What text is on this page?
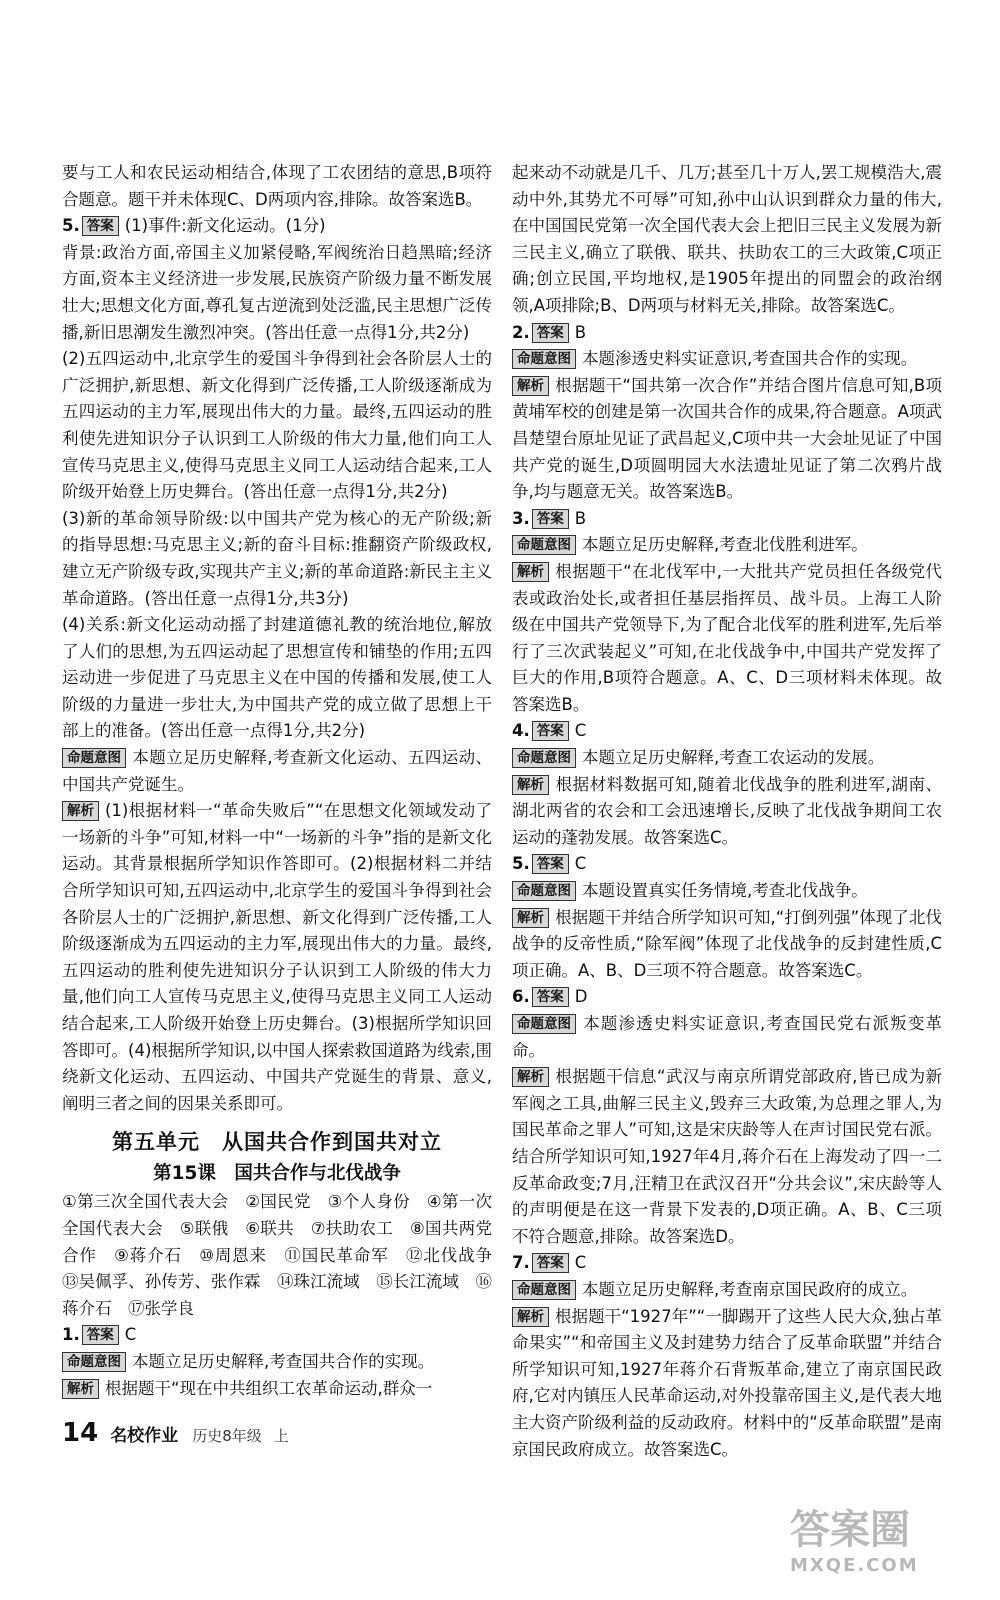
要与工人和农民运动相结合,体现了工农团结的意思,B项符合题意。题干并未体现C、D两项内容,排除。故答案选B。

5. 答案 (1)事件:新文化运动。(1分)

背景:政治方面,帝国主义加紧侵略,军阀统治日趋黑暗;经济方面,资本主义经济进一步发展,民族资产阶级力量不断发展壮大;思想文化方面,尊孔复古逆流到处泛滥,民主思想广泛传播,新旧思潮发生激烈冲突。(答出任意一点得1分,共2分)

(2)五四运动中,北京学生的爱国斗争得到社会各阶层人士的广泛拥护,新思想、新文化得到广泛传播,工人阶级逐渐成为五四运动的主力军,展现出伟大的力量。最终,五四运动的胜利使先进知识分子认识到工人阶级的伟大力量,他们向工人宣传马克思主义,使得马克思主义同工人运动结合起来,工人阶级开始登上历史舞台。(答出任意一点得1分,共2分)

(3)新的革命领导阶级:以中国共产党为核心的无产阶级;新的指导思想:马克思主义;新的奋斗目标:推翻资产阶级政权,建立无产阶级专政,实现共产主义;新的革命道路:新民主主义革命道路。(答出任意一点得1分,共3分)

(4)关系:新文化运动动摇了封建道德礼教的统治地位,解放了人们的思想,为五四运动起了思想宣传和铺垫的作用;五四运动进一步促进了马克思主义在中国的传播和发展,使工人阶级的力量进一步壮大,为中国共产党的成立做了思想上干部上的准备。(答出任意一点得1分,共2分)

命题意图 本题立足历史解释,考查新文化运动、五四运动、中国共产党诞生。

解析 (1)根据材料一“革命失败后”“在思想文化领域发动了一场新的斗争”可知,材料一中“一场新的斗争”指的是新文化运动。其背景根据所学知识作答即可。(2)根据材料二并结合所学知识可知,五四运动中,北京学生的爱国斗争得到社会各阶层人士的广泛拥护,新思想、新文化得到广泛传播,工人阶级逐渐成为五四运动的主力军,展现出伟大的力量。最终,五四运动的胜利使先进知识分子认识到工人阶级的伟大力量,他们向工人宣传马克思主义,使得马克思主义同工人运动结合起来,工人阶级开始登上历史舞台。(3)根据所学知识回答即可。(4)根据所学知识,以中国人探索救国道路为线索,围绕新文化运动、五四运动、中国共产党诞生的背景、意义,阐明三者之间的因果关系即可。

第五单元　从国共合作到国共对立
第15课　国共合作与北伐战争

①第三次全国代表大会　②国民党　③个人身份　④第一次全国代表大会　⑤联俄　⑥联共　⑦扶助农工　⑧国共两党合作　⑨蒋介石　⑩周恩来　⑪国民革命军　⑫北伐战争　⑬吴佩孚、孙传芳、张作霖　⑭珠江流域　⑮长江流域　⑯蒋介石　⑰张学良

1. 答案 C

命题意图 本题立足历史解释,考查国共合作的实现。

解析 根据题干“现在中共组织工农革命运动,群众一

起来动不动就是几千、几万;甚至几十万人,罢工规模浩大,震动中外,其势尤不可辱”可知,孙中山认识到群众力量的伟大,在中国国民党第一次全国代表大会上把旧三民主义发展为新三民主义,确立了联俄、联共、扶助农工的三大政策,C项正确;创立民国,平均地权,是1905年提出的同盟会的政治纲领,A项排除;B、D两项与材料无关,排除。故答案选C。

2. 答案 B

命题意图 本题渗透史料实证意识,考查国共合作的实现。

解析 根据题干“国共第一次合作”并结合图片信息可知,B项黄埔军校的创建是第一次国共合作的成果,符合题意。A项武昌楚望台原址见证了武昌起义,C项中共一大会址见证了中国共产党的诞生,D项圆明园大水法遗址见证了第二次鸦片战争,均与题意无关。故答案选B。

3. 答案 B

命题意图 本题立足历史解释,考查北伐胜利进军。

解析 根据题干“在北伐军中,一大批共产党员担任各级党代表或政治处长,或者担任基层指挥员、战斗员。上海工人阶级在中国共产党领导下,为了配合北伐军的胜利进军,先后举行了三次武装起义”可知,在北伐战争中,中国共产党发挥了巨大的作用,B项符合题意。A、C、D三项材料未体现。故答案选B。

4. 答案 C

命题意图 本题立足历史解释,考查工农运动的发展。

解析 根据材料数据可知,随着北伐战争的胜利进军,湖南、湖北两省的农会和工会迅速增长,反映了北伐战争期间工农运动的蓬勃发展。故答案选C。

5. 答案 C

命题意图 本题设置真实任务情境,考查北伐战争。

解析 根据题干并结合所学知识可知,“打倒列强”体现了北伐战争的反帝性质,“除军阀”体现了北伐战争的反封建性质,C项正确。A、B、D三项不符合题意。故答案选C。

6. 答案 D

命题意图 本题渗透史料实证意识,考查国民党右派叛变革命。

解析 根据题干信息“武汉与南京所谓党部政府,皆已成为新军阀之工具,曲解三民主义,毁弃三大政策,为总理之罪人,为国民革命之罪人”可知,这是宋庆龄等人在声讨国民党右派。结合所学知识可知,1927年4月,蒋介石在上海发动了四一二反革命政变;7月,汪精卫在武汉召开“分共会议”,宋庆龄等人的声明便是在这一背景下发表的,D项正确。A、B、C三项不符合题意,排除。故答案选D。

7. 答案 C

命题意图 本题立足历史解释,考查南京国民政府的成立。

解析 根据题干“1927年”“一脚踢开了这些人民大众,独占革命果实”“和帝国主义及封建势力结合了反革命联盟”并结合所学知识可知,1927年蒋介石背叛革命,建立了南京国民政府,它对内镇压人民革命运动,对外投靠帝国主义,是代表大地主大资产阶级利益的反动政府。材料中的“反革命联盟”是南京国民政府成立。故答案选C。

14 名校作业 历史8年级 上
答案圈
MXQE.COM
